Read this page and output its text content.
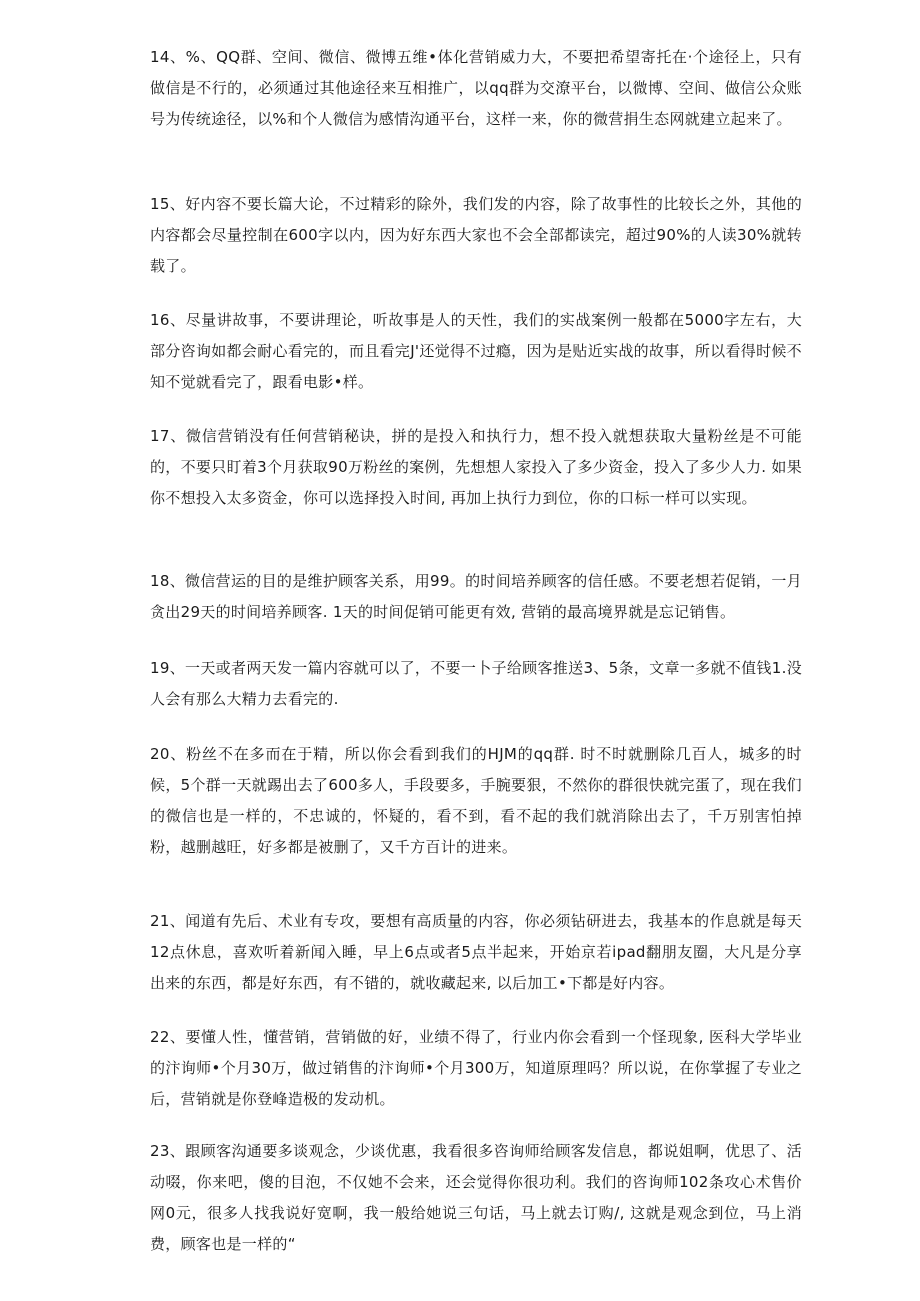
14、%、QQ群、空间、微信、微博五维•体化营销威力大，不要把希望寄托在·个途径上，只有做信是不行的，必须通过其他途径来互相推广，以qq群为交潦平台，以微博、空间、做信公众账号为传统途径，以%和个人微信为感情沟通平台，这样一来，你的微营捐生态网就建立起来了。

15、好内容不要长篇大论，不过精彩的除外，我们发的内容，除了故事性的比较长之外，其他的内容都会尽量控制在600字以内，因为好东西大家也不会全部都读完，超过90%的人读30%就转载了。

16、尽量讲故事，不要讲理论，听故事是人的天性，我们的实战案例一般都在5000字左右，大部分咨询如都会耐心看完的，而且看完J'还觉得不过瘾，因为是贴近实战的故事，所以看得时候不知不觉就看完了，跟看电影•样。

17、微信营销没有任何营销秘诀，拼的是投入和执行力，想不投入就想获取大量粉丝是不可能的，不要只盯着3个月获取90万粉丝的案例，先想想人家投入了多少资金，投入了多少人力. 如果你不想投入太多资金，你可以选择投入时间, 再加上执行力到位，你的口标一样可以实现。

18、微信营运的目的是维护顾客关系，用99。的时间培养顾客的信任感。不要老想若促销，一月贪出29天的时间培养顾客. 1天的时间促销可能更有效, 营销的最高境界就是忘记销售。

19、一天或者两天发一篇内容就可以了，不要一卜子给顾客推送3、5条，文章一多就不值钱1.没人会有那么大精力去看完的.

20、粉丝不在多而在于精，所以你会看到我们的HJM的qq群. 时不时就删除几百人，城多的时候，5个群一天就踢出去了600多人，手段要多，手腕要狠，不然你的群很快就完蛋了，现在我们的微信也是一样的，不忠诚的，怀疑的，看不到，看不起的我们就消除出去了，千万别害怕掉粉，越删越旺，好多都是被删了，又千方百计的进来。

21、闻道有先后、术业有专攻，要想有高质量的内容，你必须钻研进去，我基本的作息就是每天12点休息，喜欢听着新闻入睡，早上6点或者5点半起来，开始京若ipad翻朋友圈，大凡是分享出来的东西，都是好东西，有不错的，就收藏起来, 以后加工•下都是好内容。

22、要懂人性，懂营销，营销做的好，业绩不得了，行业内你会看到一个怪现象, 医科大学毕业的汴询师•个月30万，做过销售的汴询师•个月300万，知道原理吗？所以说，在你掌握了专业之后，营销就是你登峰造极的发动机。

23、跟顾客沟通要多谈观念，少谈优惠，我看很多咨询师给顾客发信息，都说姐啊，优思了、活动啜，你来吧，傻的目泡，不仅她不会来，还会觉得你很功利。我们的咨询师102条攻心术售价网0元，很多人找我说好宽啊，我一般给她说三句话，马上就去订购/, 这就是观念到位，马上消费，顾客也是一样的“
